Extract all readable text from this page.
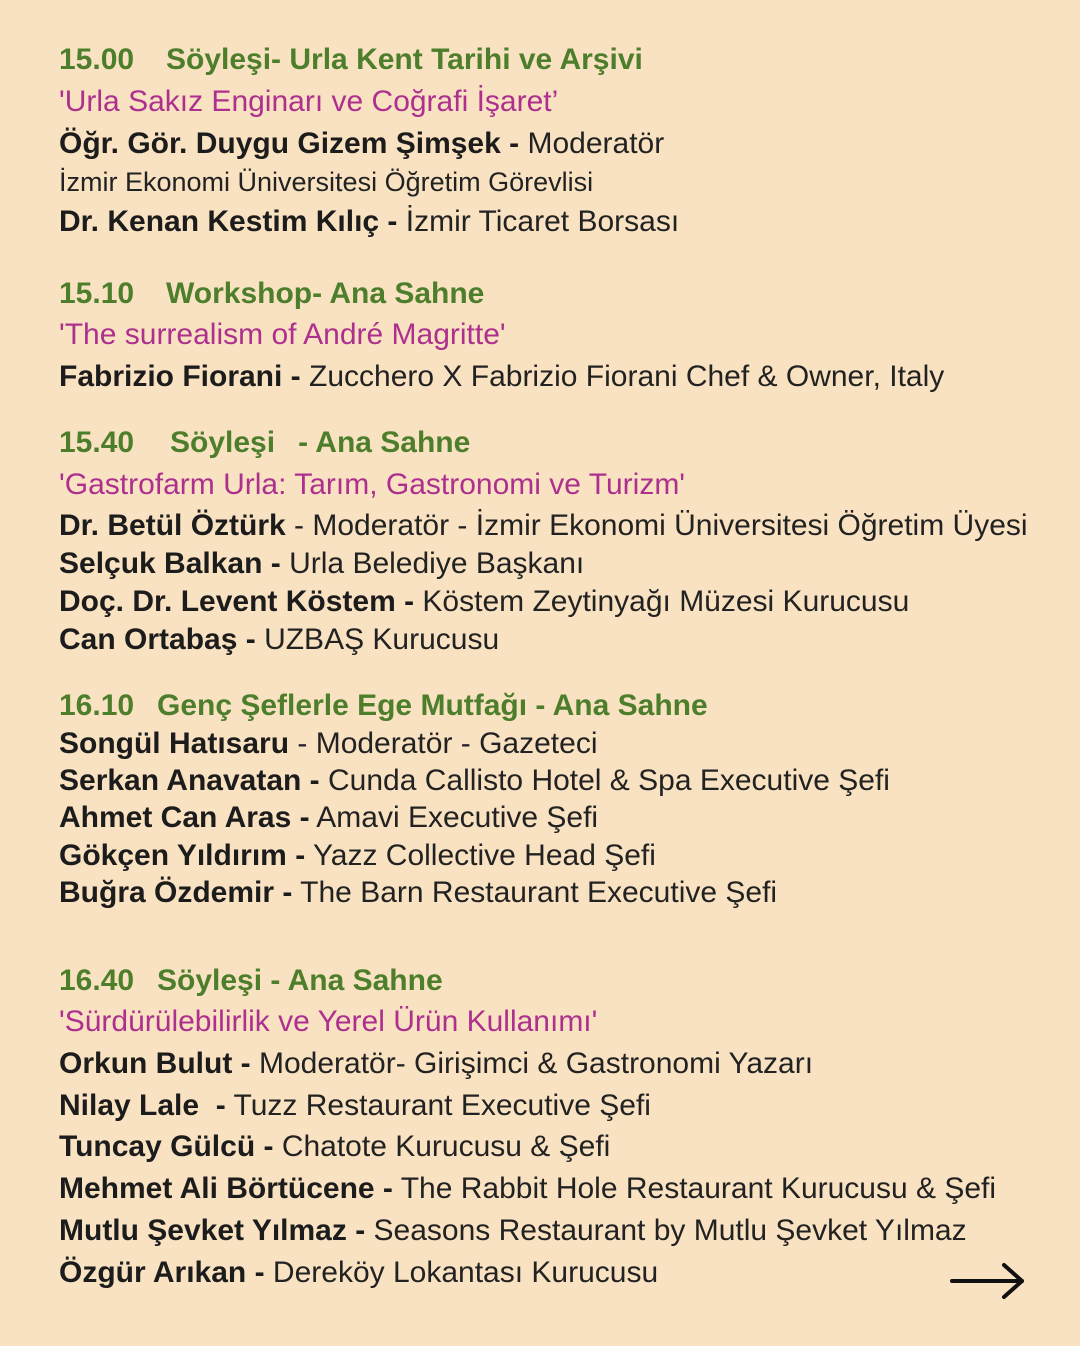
15.00 Söyleşi- Urla Kent Tarihi ve Arşivi
'Urla Sakız Enginarı ve Coğrafi İşaret’
Öğr. Gör. Duygu Gizem Şimşek - Moderatör
İzmir Ekonomi Üniversitesi Öğretim Görevlisi
Dr. Kenan Kestim Kılıç - İzmir Ticaret Borsası
15.10 Workshop- Ana Sahne
'The surrealism of André Magritte'
Fabrizio Fiorani - Zucchero X Fabrizio Fiorani Chef & Owner, Italy
15.40 Söyleşi - Ana Sahne
'Gastrofarm Urla: Tarım, Gastronomi ve Turizm'
Dr. Betül Öztürk - Moderatör - İzmir Ekonomi Üniversitesi Öğretim Üyesi
Selçuk Balkan - Urla Belediye Başkanı
Doç. Dr. Levent Köstem - Köstem Zeytinyağı Müzesi Kurucusu
Can Ortabaş - UZBAŞ Kurucusu
16.10 Genç Şeflerle Ege Mutfağı - Ana Sahne
Songül Hatısaru - Moderatör - Gazeteci
Serkan Anavatan - Cunda Callisto Hotel & Spa Executive Şefi
Ahmet Can Aras - Amavi Executive Şefi
Gökçen Yıldırım - Yazz Collective Head Şefi
Buğra Özdemir - The Barn Restaurant Executive Şefi
16.40 Söyleşi - Ana Sahne
'Sürdürülebilirlik ve Yerel Ürün Kullanımı'
Orkun Bulut - Moderatör- Girişimci & Gastronomi Yazarı
Nilay Lale  - Tuzz Restaurant Executive Şefi
Tuncay Gülcü - Chatote Kurucusu & Şefi
Mehmet Ali Börtücene - The Rabbit Hole Restaurant Kurucusu & Şefi
Mutlu Şevket Yılmaz - Seasons Restaurant by Mutlu Şevket Yılmaz
Özgür Arıkan - Dereköy Lokantası Kurucusu
